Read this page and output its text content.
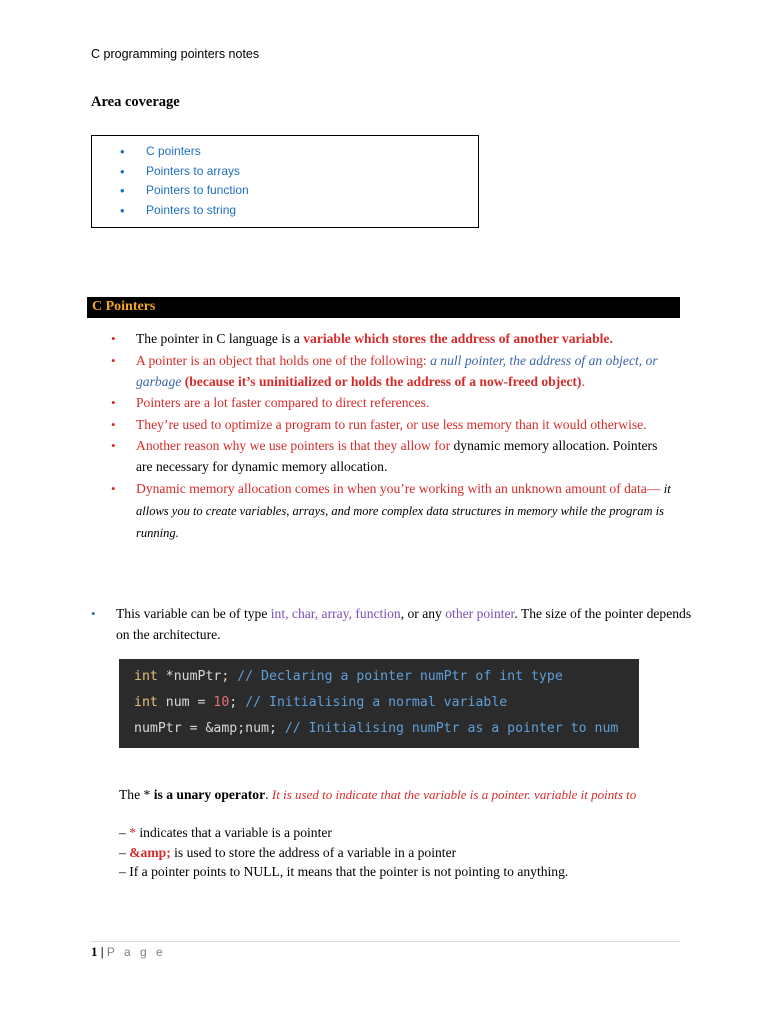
C programming pointers notes
Area coverage
• C pointers
• Pointers to arrays
• Pointers to function
• Pointers to string
C Pointers
• The pointer in C language is a variable which stores the address of another variable.
• A pointer is an object that holds one of the following: a null pointer, the address of an object, or garbage (because it’s uninitialized or holds the address of a now-freed object).
• Pointers are a lot faster compared to direct references.
• They’re used to optimize a program to run faster, or use less memory than it would otherwise.
• Another reason why we use pointers is that they allow for dynamic memory allocation. Pointers are necessary for dynamic memory allocation.
• Dynamic memory allocation comes in when you’re working with an unknown amount of data— it allows you to create variables, arrays, and more complex data structures in memory while the program is running.
• This variable can be of type int, char, array, function, or any other pointer. The size of the pointer depends on the architecture.
int *numPtr; // Declaring a pointer numPtr of int type
int num = 10; // Initialising a normal variable
numPtr = &amp;num; // Initialising numPtr as a pointer to num
The * is a unary operator. It is used to indicate that the variable is a pointer. variable it points to
– * indicates that a variable is a pointer
– &amp; is used to store the address of a variable in a pointer
– If a pointer points to NULL, it means that the pointer is not pointing to anything.
1 | P a g e
